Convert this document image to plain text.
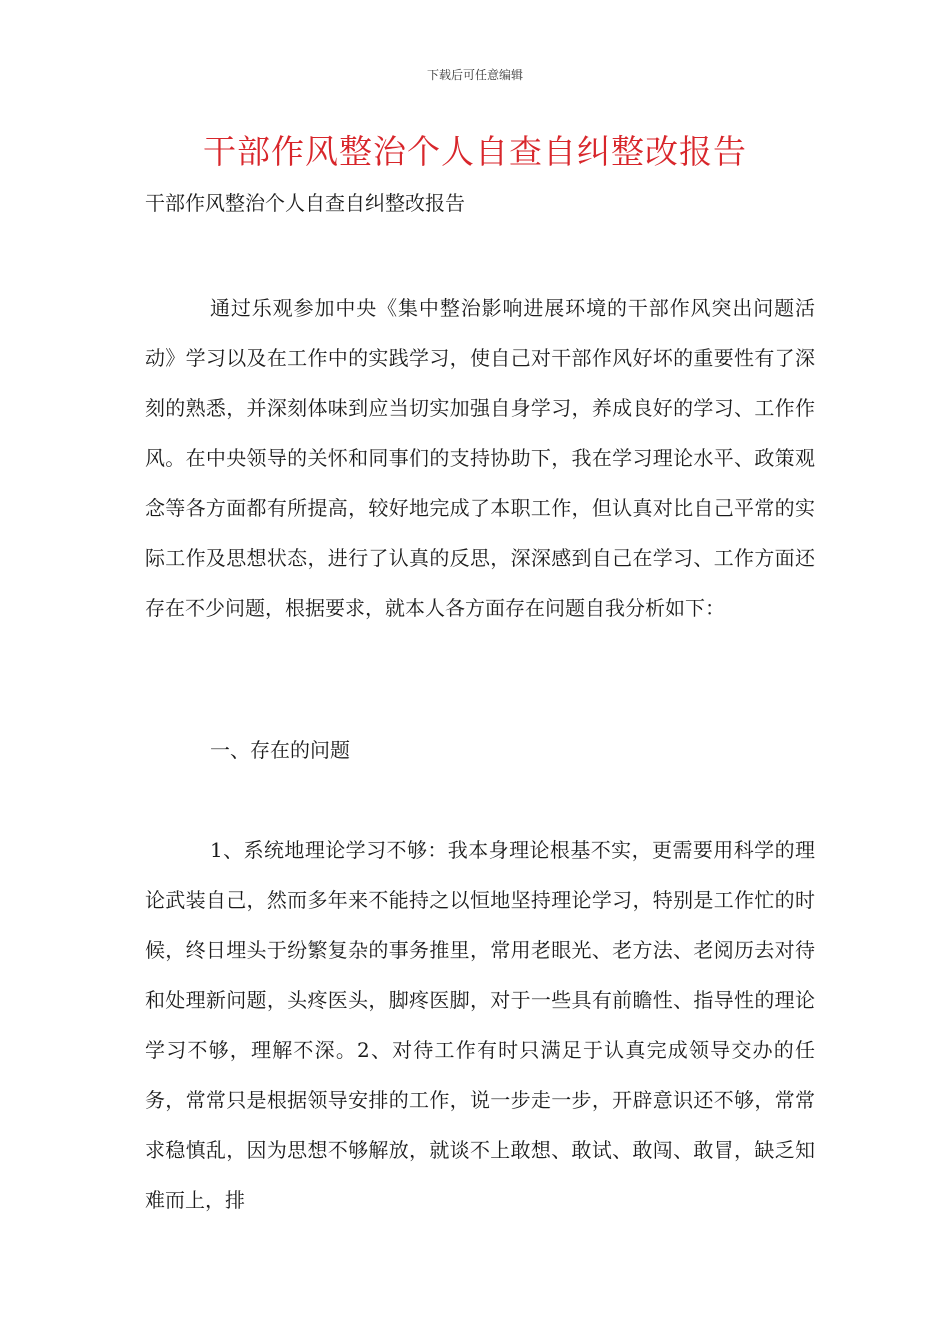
下载后可任意编辑
干部作风整治个人自查自纠整改报告
干部作风整治个人自查自纠整改报告

通过乐观参加中央《集中整治影响进展环境的干部作风突出问题活动》学习以及在工作中的实践学习，使自己对干部作风好坏的重要性有了深刻的熟悉，并深刻体味到应当切实加强自身学习，养成良好的学习、工作作风。在中央领导的关怀和同事们的支持协助下，我在学习理论水平、政策观念等各方面都有所提高，较好地完成了本职工作，但认真对比自己平常的实际工作及思想状态，进行了认真的反思，深深感到自己在学习、工作方面还存在不少问题，根据要求，就本人各方面存在问题自我分析如下：

一、存在的问题

1、系统地理论学习不够：我本身理论根基不实，更需要用科学的理论武装自己，然而多年来不能持之以恒地坚持理论学习，特别是工作忙的时候，终日埋头于纷繁复杂的事务推里，常用老眼光、老方法、老阅历去对待和处理新问题，头疼医头，脚疼医脚，对于一些具有前瞻性、指导性的理论学习不够，理解不深。2、对待工作有时只满足于认真完成领导交办的任务，常常只是根据领导安排的工作，说一步走一步，开辟意识还不够，常常求稳慎乱，因为思想不够解放，就谈不上敢想、敢试、敢闯、敢冒，缺乏知难而上，排
